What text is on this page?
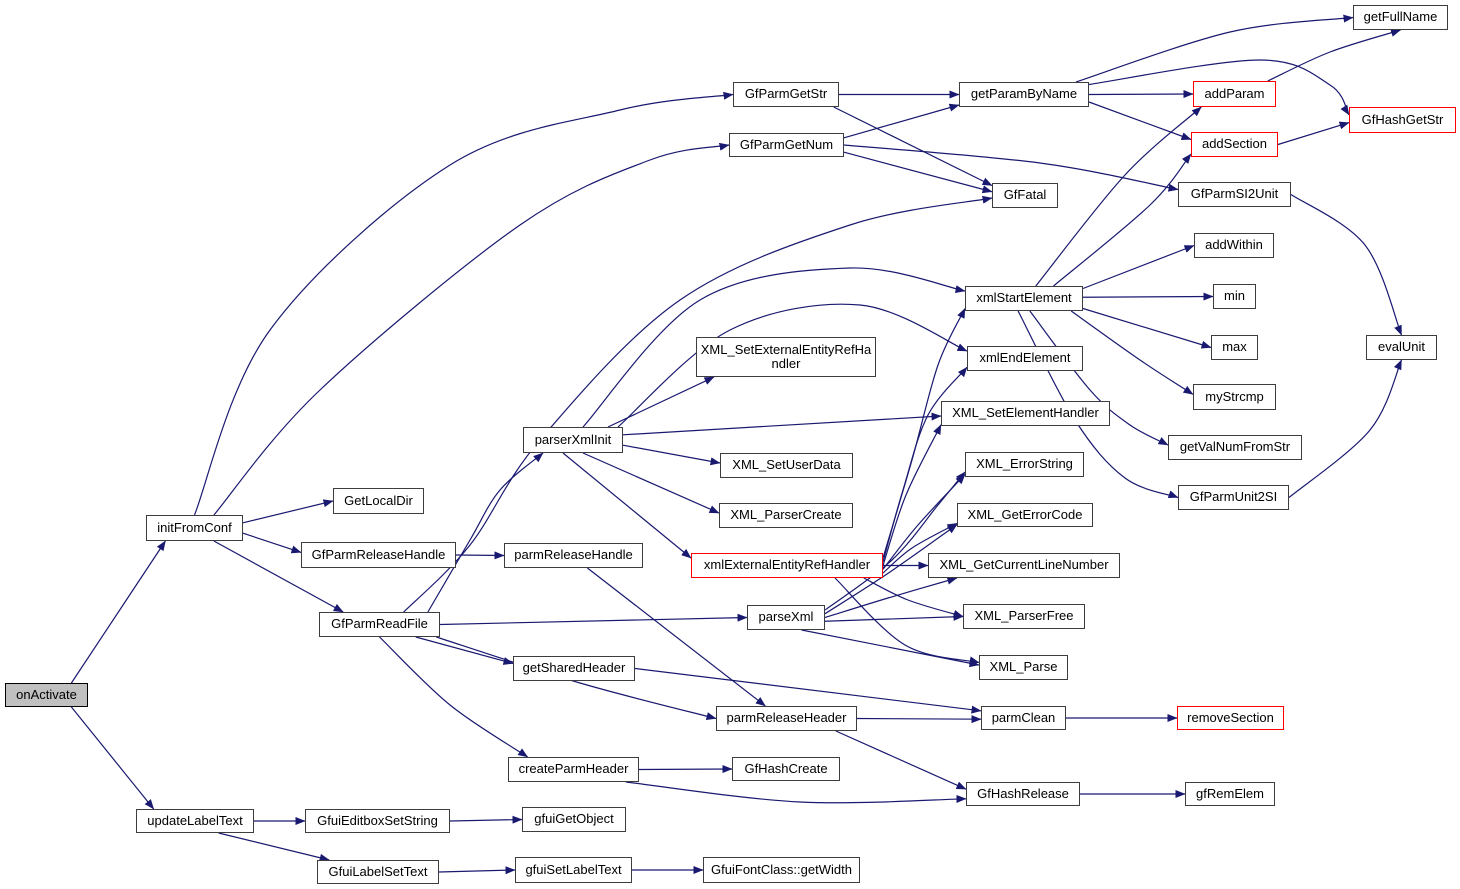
onActivate
initFromConf
GetLocalDir
GfParmReleaseHandle
GfParmReadFile
updateLabelText	GfuiEditboxSetString
GfuiLabelSetText
gfuiGetObject
gfuiSetLabelText	GfuiFontClass::getWidth
GfParmGetStr
GfParmGetNum
getParamByName
GfFatal
xmlStartElement
xmlEndElement
XML_SetElementHandler
XML_ErrorString
XML_GetErrorCode
XML_GetCurrentLineNumber
XML_ParserFree
XML_Parse
parseXml
getSharedHeader
parmReleaseHeader
createParmHeader	GfHashCreate
parmClean	removeSection
GfHashRelease	gfRemElem
XML_SetExternalEntityRefHandler
parserXmlInit
XML_SetUserData
XML_ParserCreate
xmlExternalEntityRefHandler
parmReleaseHandle
getFullName
addParam
GfHashGetStr
addSection
GfParmSI2Unit
addWithin
min
max
myStrcmp
getValNumFromStr
GfParmUnit2SI
evalUnit
